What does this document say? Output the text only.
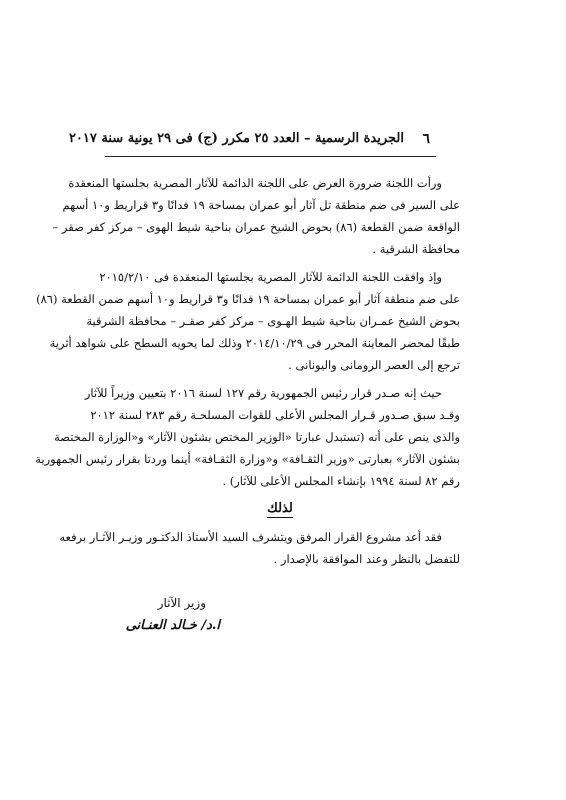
٦
الجريدة الرسمية – العدد ٢٥ مكرر (ج) فى ٢٩ يونية سنة ٢٠١٧
ورأت اللجنة ضرورة العرض على اللجنة الدائمة للآثار المصرية بجلستها المنعقدة
على السير فى ضم منطقة تل آثار أبو عمران بمساحة ١٩ فدانًا و٣ قراريط و١٠ أسهم
الواقعة ضمن القطعة (٨٦) بحوض الشيخ عمران بناحية شيط الهوى – مركز كفر صقر –
محافظة الشرقية .
وإذ وافقت اللجنة الدائمة للآثار المصرية بجلستها المنعقدة فى ٢٠١٥/٢/١٠
على ضم منطقة آثار أبو عمران بمساحة ١٩ فدانًا و٣ قراريط و١٠ أسهم ضمن القطعة (٨٦)
بحوض الشيخ عمـران بناحية شيط الهـوى – مركز كفر صقـر – محافظة الشرقية
طبقًا لمحضر المعاينة المحرر فى ٢٠١٤/١٠/٢٩ وذلك لما يحويه السطح على شواهد أثرية
ترجع إلى العصر الرومانى واليونانى .
حيث إنه صـدر قرار رئيس الجمهورية رقم ١٢٧ لسنة ٢٠١٦ بتعيين وزيراً للآثار
وقـد سبق صـدور قـرار المجلس الأعلى للقوات المسلحـة رقم ٢٨٣ لسنة ٢٠١٢
والذى ينص على أنه (تستبدل عبارتا «الوزير المختص بشئون الآثار» و«الوزارة المختصة
بشئون الآثار» بعبارتى «وزير الثقـافة» و«وزارة الثقـافة» أينما وردتا بقرار رئيس الجمهورية
رقم ٨٢ لسنة ١٩٩٤ بإنشاء المجلس الأعلى للآثار) .
لذلك
فقد أعد مشروع القرار المرفق ويتشرف السيد الأستاذ الدكتـور وزيـر الآثـار برفعه
للتفضل بالنظر وعند الموافقة بالإصدار .
وزير الآثار
ا.د/ خـالد العنـانى
